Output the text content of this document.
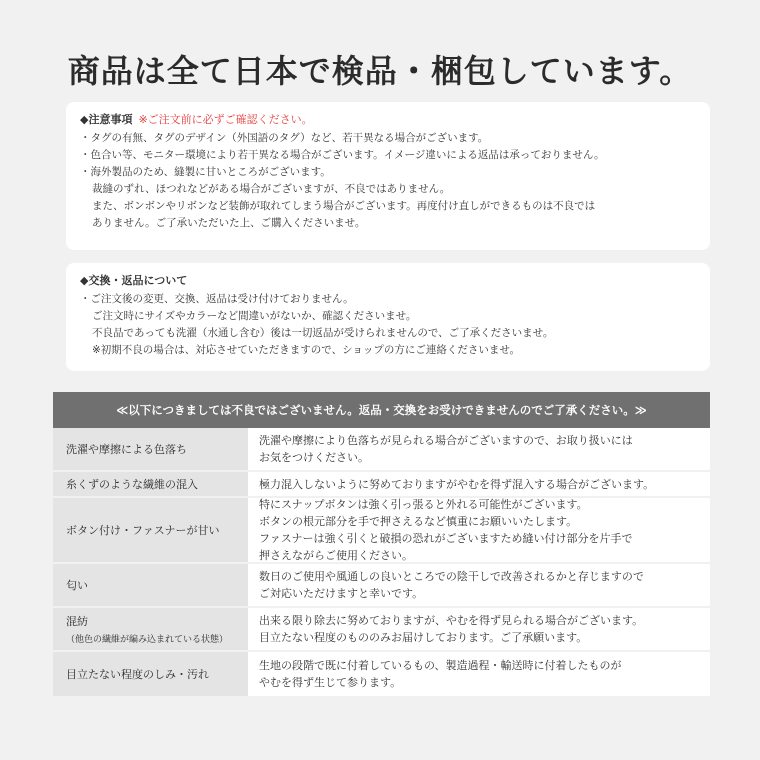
商品は全て日本で検品・梱包しています。
◆注意事項 ※ご注文前に必ずご確認ください。
・タグの有無、タグのデザイン（外国語のタグ）など、若干異なる場合がございます。
・色合い等、モニター環境により若干異なる場合がございます。イメージ違いによる返品は承っておりません。
・海外製品のため、縫製に甘いところがございます。
裁縫のずれ、ほつれなどがある場合がございますが、不良ではありません。
また、ボンボンやリボンなど装飾が取れてしまう場合がございます。再度付け直しができるものは不良では
ありません。ご了承いただいた上、ご購入くださいませ。
◆交換・返品について
・ご注文後の変更、交換、返品は受け付けておりません。
ご注文時にサイズやカラーなど間違いがないか、確認くださいませ。
不良品であっても洗濯（水通し含む）後は一切返品が受けられませんので、ご了承くださいませ。
※初期不良の場合は、対応させていただきますので、ショップの方にご連絡くださいませ。
≪以下につきましては不良ではございません。返品・交換をお受けできませんのでご了承ください。≫
洗濯や摩擦による色落ち
洗濯や摩擦により色落ちが見られる場合がございますので、お取り扱いには
お気をつけください。
糸くずのような繊維の混入	極力混入しないように努めておりますがやむを得ず混入する場合がございます。
ボタン付け・ファスナーが甘い
特にスナップボタンは強く引っ張ると外れる可能性がございます。
ボタンの根元部分を手で押さえるなど慎重にお願いいたします。
ファスナーは強く引くと破損の恐れがございますため縫い付け部分を片手で
押さえながらご使用ください。
匂い
数日のご使用や風通しの良いところでの陰干しで改善されるかと存じますので
ご対応いただけますと幸いです。
混紡
（他色の繊維が編み込まれている状態）
出来る限り除去に努めておりますが、やむを得ず見られる場合がございます。
目立たない程度のもののみお届けしております。ご了承願います。
目立たない程度のしみ・汚れ
生地の段階で既に付着しているもの、製造過程・輸送時に付着したものが
やむを得ず生じて参ります。
